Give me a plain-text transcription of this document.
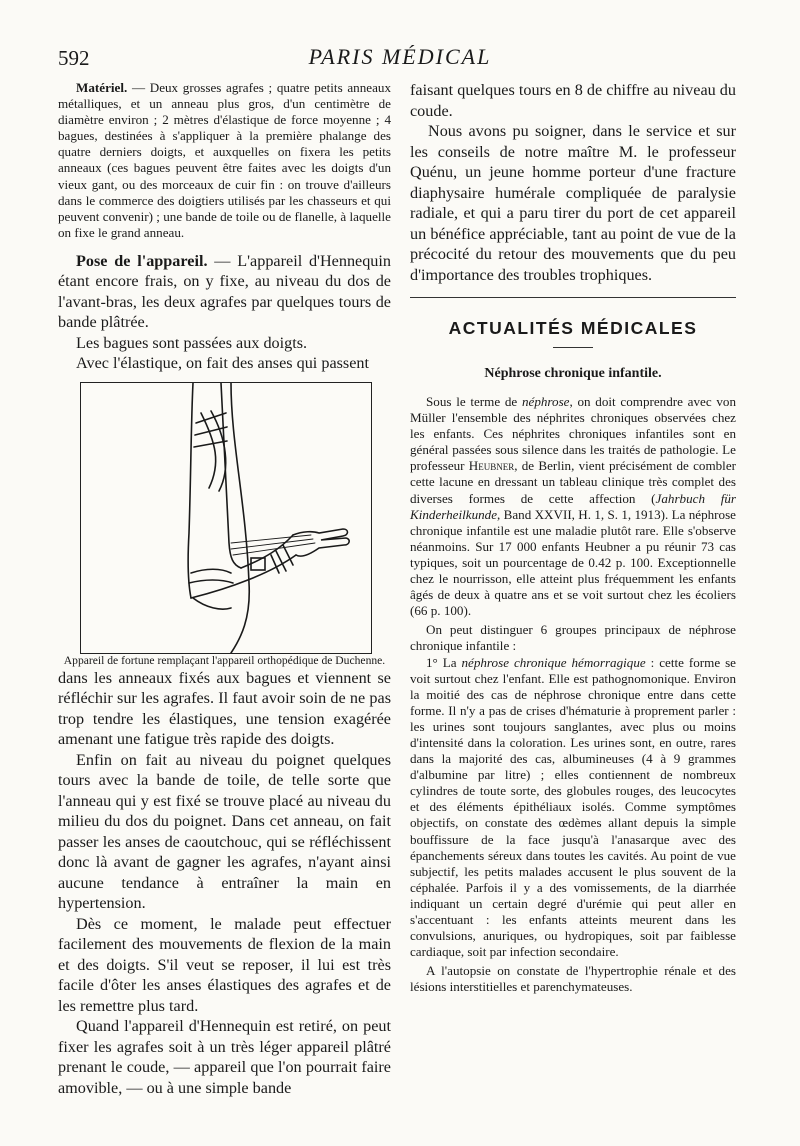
592	PARIS MÉDICAL

Matériel. — Deux grosses agrafes ; quatre petits anneaux métalliques, et un anneau plus gros, d'un centimètre de diamètre environ ; 2 mètres d'élastique de force moyenne ; 4 bagues, destinées à s'appliquer à la première phalange des quatre derniers doigts, et auxquelles on fixera les petits anneaux (ces bagues peuvent être faites avec les doigts d'un vieux gant, ou des morceaux de cuir fin : on trouve d'ailleurs dans le commerce des doigtiers utilisés par les chasseurs et qui peuvent convenir) ; une bande de toile ou de flanelle, à laquelle on fixe le grand anneau.

Pose de l'appareil. — L'appareil d'Hennequin étant encore frais, on y fixe, au niveau du dos de l'avant-bras, les deux agrafes par quelques tours de bande plâtrée.

Les bagues sont passées aux doigts.

Avec l'élastique, on fait des anses qui passent

Appareil de fortune remplaçant l'appareil orthopédique de Duchenne.

dans les anneaux fixés aux bagues et viennent se réfléchir sur les agrafes. Il faut avoir soin de ne pas trop tendre les élastiques, une tension exagérée amenant une fatigue très rapide des doigts.

Enfin on fait au niveau du poignet quelques tours avec la bande de toile, de telle sorte que l'anneau qui y est fixé se trouve placé au niveau du milieu du dos du poignet. Dans cet anneau, on fait passer les anses de caoutchouc, qui se réfléchissent donc là avant de gagner les agrafes, n'ayant ainsi aucune tendance à entraîner la main en hypertension.

Dès ce moment, le malade peut effectuer facilement des mouvements de flexion de la main et des doigts. S'il veut se reposer, il lui est très facile d'ôter les anses élastiques des agrafes et de les remettre plus tard.

Quand l'appareil d'Hennequin est retiré, on peut fixer les agrafes soit à un très léger appareil plâtré prenant le coude, — appareil que l'on pourrait faire amovible, — ou à une simple bande

faisant quelques tours en 8 de chiffre au niveau du coude.

Nous avons pu soigner, dans le service et sur les conseils de notre maître M. le professeur Quénu, un jeune homme porteur d'une fracture diaphysaire humérale compliquée de paralysie radiale, et qui a paru tirer du port de cet appareil un bénéfice appréciable, tant au point de vue de la précocité du retour des mouvements que du peu d'importance des troubles trophiques.

ACTUALITÉS MÉDICALES
Néphrose chronique infantile.

Sous le terme de néphrose, on doit comprendre avec von Müller l'ensemble des néphrites chroniques observées chez les enfants. Ces néphrites chroniques infantiles sont en général passées sous silence dans les traités de pathologie. Le professeur Heubner, de Berlin, vient précisément de combler cette lacune en dressant un tableau clinique très complet des diverses formes de cette affection (Jahrbuch für Kinderheilkunde, Band XXVII, H. 1, S. 1, 1913). La néphrose chronique infantile est une maladie plutôt rare. Elle s'observe néanmoins. Sur 17 000 enfants Heubner a pu réunir 73 cas typiques, soit un pourcentage de 0.42 p. 100. Exceptionnelle chez le nourrisson, elle atteint plus fréquemment les enfants âgés de deux à quatre ans et se voit surtout chez les écoliers (66 p. 100).

On peut distinguer 6 groupes principaux de néphrose chronique infantile :

1° La néphrose chronique hémorragique : cette forme se voit surtout chez l'enfant. Elle est pathognomonique. Environ la moitié des cas de néphrose chronique entre dans cette forme. Il n'y a pas de crises d'hématurie à proprement parler : les urines sont toujours sanglantes, avec plus ou moins d'intensité dans la coloration. Les urines sont, en outre, rares dans la majorité des cas, albumineuses (4 à 9 grammes d'albumine par litre) ; elles contiennent de nombreux cylindres de toute sorte, des globules rouges, des leucocytes et des éléments épithéliaux isolés. Comme symptômes objectifs, on constate des œdèmes allant depuis la simple bouffissure de la face jusqu'à l'anasarque avec des épanchements séreux dans toutes les cavités. Au point de vue subjectif, les petits malades accusent le plus souvent de la céphalée. Parfois il y a des vomissements, de la diarrhée indiquant un certain degré d'urémie qui peut aller en s'accentuant : les enfants atteints meurent dans les convulsions, anuriques, ou hydropiques, soit par faiblesse cardiaque, soit par infection secondaire.

A l'autopsie on constate de l'hypertrophie rénale et des lésions interstitielles et parenchymateuses.
